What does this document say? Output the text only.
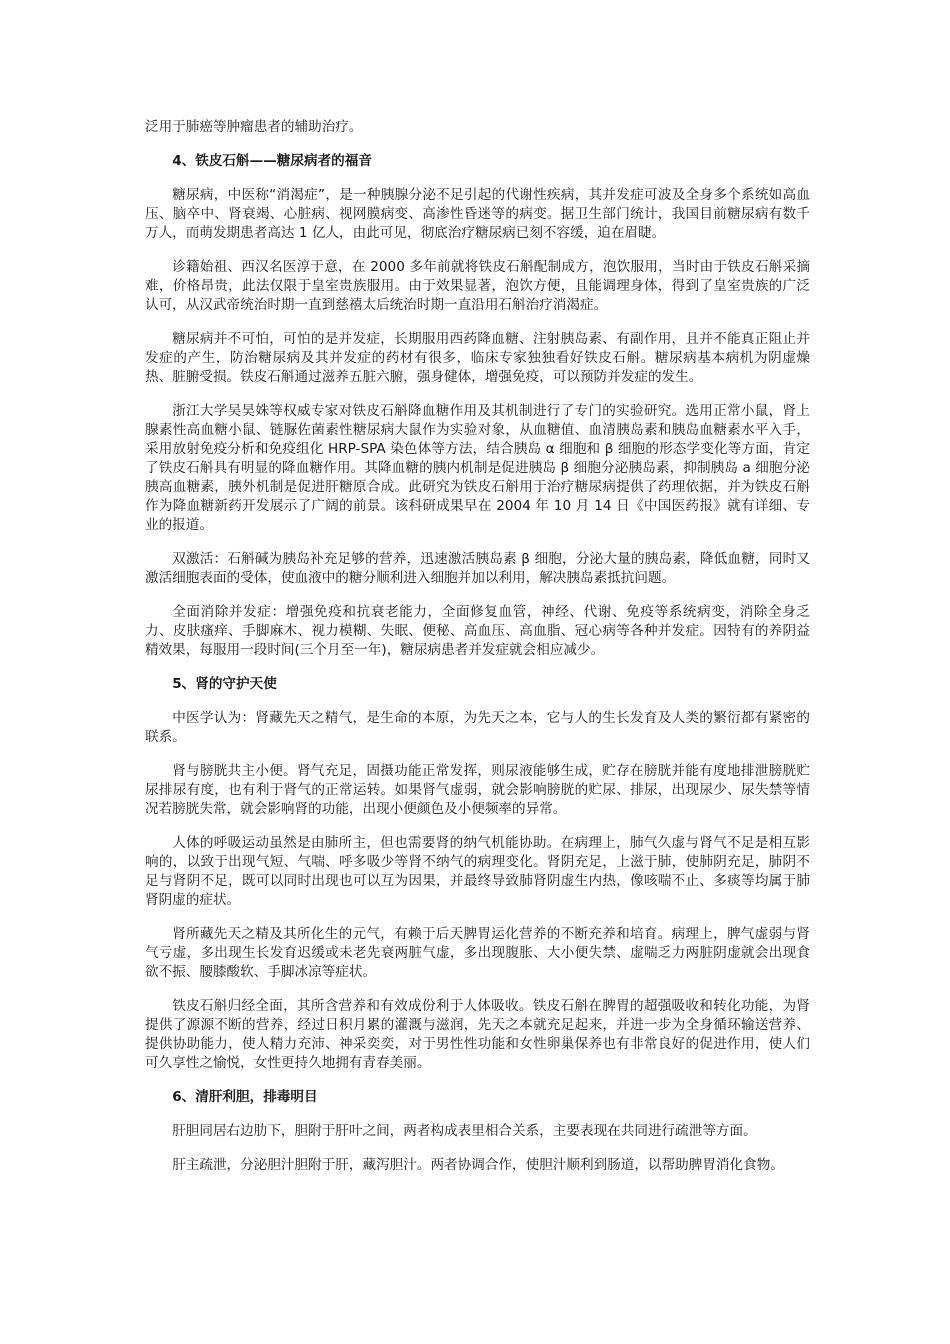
泛用于肺癌等肿瘤患者的辅助治疗。

4、铁皮石斛——糖尿病者的福音

糖尿病，中医称“消渴症”，是一种胰腺分泌不足引起的代谢性疾病，其并发症可波及全身多个系统如高血压、脑卒中、肾衰竭、心脏病、视网膜病变、高渗性昏迷等的病变。据卫生部门统计，我国目前糖尿病有数千万人，而萌发期患者高达 1 亿人，由此可见，彻底治疗糖尿病已刻不容缓，迫在眉睫。

诊籍始祖、西汉名医淳于意，在 2000 多年前就将铁皮石斛配制成方，泡饮服用，当时由于铁皮石斛采摘难，价格昂贵，此法仅限于皇室贵族服用。由于效果显著，泡饮方便，且能调理身体，得到了皇室贵族的广泛认可，从汉武帝统治时期一直到慈禧太后统治时期一直沿用石斛治疗消渴症。

糖尿病并不可怕，可怕的是并发症，长期服用西药降血糖、注射胰岛素、有副作用，且并不能真正阻止并发症的产生，防治糖尿病及其并发症的药材有很多，临床专家独独看好铁皮石斛。糖尿病基本病机为阴虚燥热、脏腑受损。铁皮石斛通过滋养五脏六腑，强身健体，增强免疫，可以预防并发症的发生。

浙江大学吴昊姝等权威专家对铁皮石斛降血糖作用及其机制进行了专门的实验研究。选用正常小鼠，肾上腺素性高血糖小鼠、链脲佐菌素性糖尿病大鼠作为实验对象，从血糖值、血清胰岛素和胰岛血糖素水平入手，采用放射免疫分析和免疫组化 HRP-SPA 染色体等方法，结合胰岛 α 细胞和 β 细胞的形态学变化等方面，肯定了铁皮石斛具有明显的降血糖作用。其降血糖的胰内机制是促进胰岛 β 细胞分泌胰岛素，抑制胰岛 a 细胞分泌胰高血糖素，胰外机制是促进肝糖原合成。此研究为铁皮石斛用于治疗糖尿病提供了药理依据，并为铁皮石斛作为降血糖新药开发展示了广阔的前景。该科研成果早在 2004 年 10 月 14 日《中国医药报》就有详细、专业的报道。

双激活：石斛碱为胰岛补充足够的营养，迅速激活胰岛素 β 细胞，分泌大量的胰岛素，降低血糖，同时又激活细胞表面的受体，使血液中的糖分顺利进入细胞并加以利用，解决胰岛素抵抗问题。

全面消除并发症：增强免疫和抗衰老能力，全面修复血管，神经、代谢、免疫等系统病变，消除全身乏力、皮肤瘙痒、手脚麻木、视力模糊、失眠、便秘、高血压、高血脂、冠心病等各种并发症。因特有的养阴益精效果，每服用一段时间(三个月至一年)，糖尿病患者并发症就会相应减少。

5、肾的守护天使

中医学认为：肾藏先天之精气，是生命的本原，为先天之本，它与人的生长发育及人类的繁衍都有紧密的联系。

肾与膀胱共主小便。肾气充足，固摄功能正常发挥，则尿液能够生成，贮存在膀胱并能有度地排泄膀胱贮尿排尿有度，也有利于肾气的正常运转。如果肾气虚弱，就会影响膀胱的贮尿、排尿，出现尿少、尿失禁等情况若膀胱失常，就会影响肾的功能，出现小便颜色及小便频率的异常。

人体的呼吸运动虽然是由肺所主，但也需要肾的纳气机能协助。在病理上，肺气久虚与肾气不足是相互影响的，以致于出现气短、气喘、呼多吸少等肾不纳气的病理变化。肾阴充足，上滋于肺，使肺阴充足，肺阴不足与肾阴不足，既可以同时出现也可以互为因果，并最终导致肺肾阴虚生内热，像咳喘不止、多痰等均属于肺肾阴虚的症状。

肾所藏先天之精及其所化生的元气，有赖于后天脾胃运化营养的不断充养和培育。病理上，脾气虚弱与肾气亏虚，多出现生长发育迟缓或未老先衰两脏气虚，多出现腹胀、大小便失禁、虚喘乏力两脏阴虚就会出现食欲不振、腰膝酸软、手脚冰凉等症状。

铁皮石斛归经全面，其所含营养和有效成份利于人体吸收。铁皮石斛在脾胃的超强吸收和转化功能，为肾提供了源源不断的营养，经过日积月累的灌溉与滋润，先天之本就充足起来，并进一步为全身循环输送营养、提供协助能力，使人精力充沛、神采奕奕，对于男性性功能和女性卵巢保养也有非常良好的促进作用，使人们可久享性之愉悦，女性更持久地拥有青春美丽。

6、清肝利胆，排毒明目

肝胆同居右边肋下，胆附于肝叶之间，两者构成表里相合关系，主要表现在共同进行疏泄等方面。

肝主疏泄，分泌胆汁胆附于肝，藏泻胆汁。两者协调合作，使胆汁顺利到肠道，以帮助脾胃消化食物。
